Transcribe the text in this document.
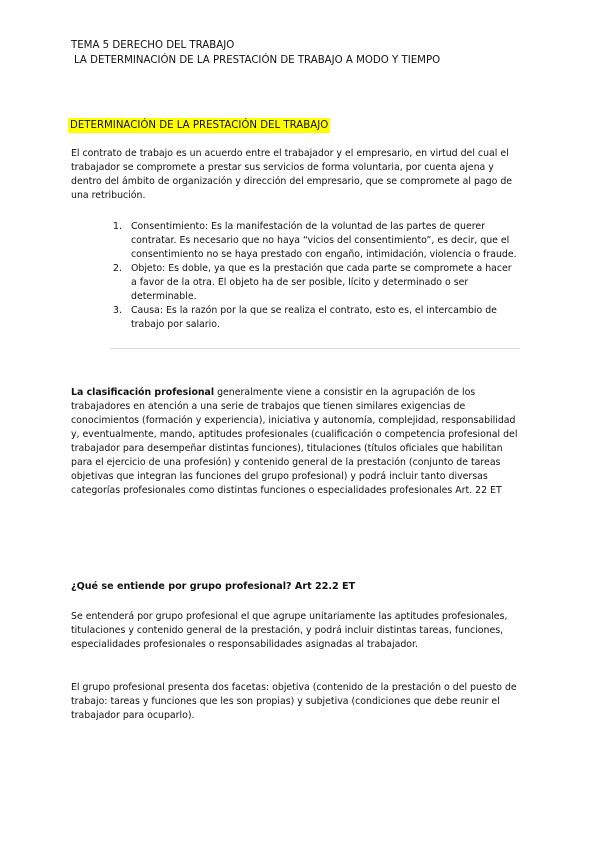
TEMA 5 DERECHO DEL TRABAJO
LA DETERMINACIÓN DE LA PRESTACIÓN DE TRABAJO A MODO Y TIEMPO
DETERMINACIÓN DE LA PRESTACIÓN DEL TRABAJO

El contrato de trabajo es un acuerdo entre el trabajador y el empresario, en virtud del cual el trabajador se compromete a prestar sus servicios de forma voluntaria, por cuenta ajena y dentro del ámbito de organización y dirección del empresario, que se compromete al pago de una retribución.

1. Consentimiento: Es la manifestación de la voluntad de las partes de querer contratar. Es necesario que no haya “vicios del consentimiento”, es decir, que el consentimiento no se haya prestado con engaño, intimidación, violencia o fraude.
2. Objeto: Es doble, ya que es la prestación que cada parte se compromete a hacer a favor de la otra. El objeto ha de ser posible, lícito y determinado o ser determinable.
3. Causa: Es la razón por la que se realiza el contrato, esto es, el intercambio de trabajo por salario.

La clasificación profesional generalmente viene a consistir en la agrupación de los trabajadores en atención a una serie de trabajos que tienen similares exigencias de conocimientos (formación y experiencia), iniciativa y autonomía, complejidad, responsabilidad y, eventualmente, mando, aptitudes profesionales (cualificación o competencia profesional del trabajador para desempeñar distintas funciones), titulaciones (títulos oficiales que habilitan para el ejercicio de una profesión) y contenido general de la prestación (conjunto de tareas objetivas que integran las funciones del grupo profesional) y podrá incluir tanto diversas categorías profesionales como distintas funciones o especialidades profesionales Art. 22 ET

¿Qué se entiende por grupo profesional? Art 22.2 ET

Se entenderá por grupo profesional el que agrupe unitariamente las aptitudes profesionales, titulaciones y contenido general de la prestación, y podrá incluir distintas tareas, funciones, especialidades profesionales o responsabilidades asignadas al trabajador.

El grupo profesional presenta dos facetas: objetiva (contenido de la prestación o del puesto de trabajo: tareas y funciones que les son propias) y subjetiva (condiciones que debe reunir el trabajador para ocuparlo).
